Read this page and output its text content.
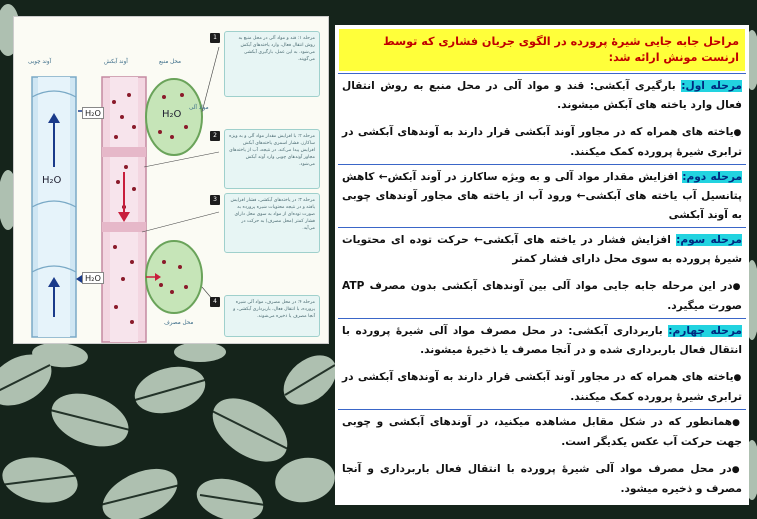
آوند چوبی	آوند آبکش	محل منبع
مواد آلی
محل مصرف
H₂O
H₂O
H₂O
H₂O
مرحله ۱: قند و مواد آلی در محل منبع به روش انتقال فعال، وارد یاخته‌های آبکش می‌شود. به این عمل، بارگیری آبکشی می‌گویند.
1
مرحله ۲: با افزایش مقدار مواد آلی و به ویژه ساکارز، فشار اسمزی یاخته‌های آبکش افزایش پیدا می‌کند. در نتیجه، آب از یاخته‌های مجاور آوندهای چوبی وارد آوند آبکش می‌شود.
2
مرحله ۳: در یاخته‌های آبکشی، فشار افزایش یافته و در نتیجه محتویات شیره پرورده به صورت توده‌ای از مواد به سوی محل دارای فشار کمتر (محل مصرف) به حرکت در می‌آید.
3
مرحله ۴: در محل مصرف، مواد آلی شیره پرورده، با انتقال فعال، باربرداری آبکشی، و آنجا مصرف یا ذخیره می‌شوند.
4
مراحل جابه جایی شیرهٔ پرورده در الگوی جریان فشاری که توسط ارنست مونش ارائه شد:

مرحله اول: بارگیری آبکشی: قند و مواد آلی در محل منبع به روش انتقال فعال وارد یاخته های آبکش میشوند.

●یاخته های همراه که در مجاور آوند آبکشی قرار دارند به آوندهای آبکشی در ترابری شیرهٔ پرورده کمک میکنند.

مرحله دوم: افزایش مقدار مواد آلی و به ویژه ساکارز در آوند آبکش← کاهش پتانسیل آب یاخته های آبکشی← ورود آب از یاخته های مجاور آوندهای چوبی به آوند آبکشی

مرحله سوم: افزایش فشار در یاخته های آبکشی← حرکت توده ای محتویات شیرهٔ پرورده به سوی محل دارای فشار کمتر

●در این مرحله جابه جایی مواد آلی بین آوندهای آبکشی بدون مصرف ATP صورت میگیرد.

مرحله چهارم: باربرداری آبکشی: در محل مصرف مواد آلی شیرهٔ پرورده با انتقال فعال باربرداری شده و در آنجا مصرف یا ذخیرهٔ میشوند.

●یاخته های همراه که در مجاور آوند آبکشی قرار دارند به آوندهای آبکشی در ترابری شیرهٔ پرورده کمک میکنند.

●همانطور که در شکل مقابل مشاهده میکنید، در آوندهای آبکشی و چوبی جهت حرکت آب عکس یکدیگر است.

●در محل مصرف مواد آلی شیرهٔ پرورده با انتقال فعال باربرداری و آنجا مصرف و ذخیره میشود.
